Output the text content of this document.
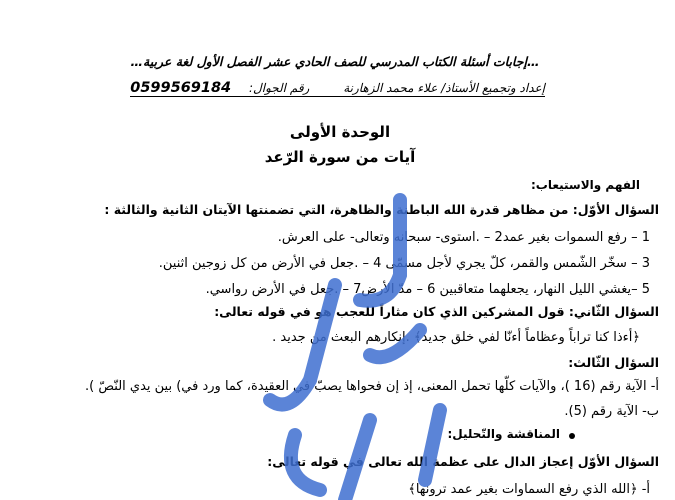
…إجابات أسئلة الكتاب المدرسي للصف الحادي عشر الفصل الأول لغة عربية…
إعداد وتجميع الأستاذ/ علاء محمد الزهارنة رقم الجوال: 0599569184
الوحدة الأولى
آيات من سورة الرّعد
الفهم والاستيعاب:
السؤال الأوّل: من مظاهر قدرة الله الباطنة والظاهرة، التي تضمنتها الآيتان الثانية والثالثة :
1 – رفع السموات بغير عمد2 – .استوى- سبحانه وتعالى- على العرش.
3 – سخّر الشّمس والقمر، كلّ يجري لأجل مسمّى 4 – .جعل في الأرض من كل زوجين اثنين.
5 –يغشي الليل النهار، يجعلهما متعاقبين 6 – مدّ الأرض7 – .جعل في الأرض رواسي.
السؤال الثّاني: قول المشركين الذي كان مثاراً للعجب هو في قوله تعالى:
﴿أءذا كنا تراباً وعظاماً أءنّا لفي خلق جديد﴾ .إنكارهم البعث من جديد .
السؤال الثّالث:
أ- الآية رقم (16 )، والآيات كلّها تحمل المعنى، إذ إن فحواها يصبّ في العقيدة، كما ورد في) بين يدي النّصّ ).
ب- الآية رقم (5).
المناقشة والتّحليل:
السؤال الأوّل إعجاز الدال على عظمة الله تعالى في قوله تعالى:
أ- ﴿الله الذي رفع السماوات بغير عمد ترونها﴾
